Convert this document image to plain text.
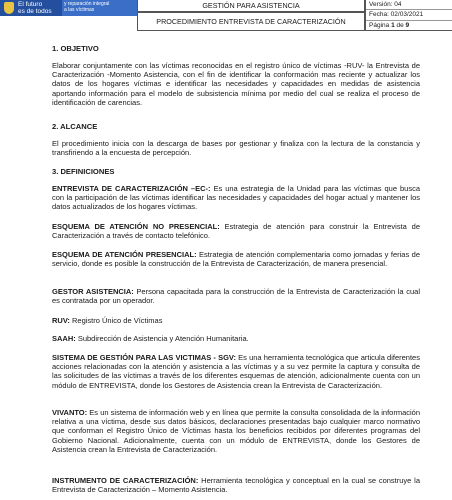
El futuro
es de todos
y reparación integral
a las víctimas	GESTIÓN PARA ASISTENCIA
PROCEDIMIENTO ENTREVISTA DE CARACTERIZACIÓN
Versión: 04
Fecha: 02/03/2021
Página 1 de 9
1. OBJETIVO
Elaborar conjuntamente con las víctimas reconocidas en el registro único de víctimas -RUV- la Entrevista de Caracterización -Momento Asistencia, con el fin de identificar la conformación mas reciente y actualizar los datos de los hogares víctimas e identificar las necesidades y capacidades en medidas de asistencia aportando información para el modelo de subsistencia mínima por medio del cual se realiza el proceso de identificación de carencias.
2. ALCANCE
El procedimiento inicia con la descarga de bases por gestionar y finaliza con la lectura de la constancia y transfiriendo a la encuesta de percepción.
3. DEFINICIONES
ENTREVISTA DE CARACTERIZACIÓN –EC-: Es una estrategia de la Unidad para las víctimas que busca con la participación de las víctimas identificar las necesidades y capacidades del hogar actual y mantener los datos actualizados de los hogares víctimas.
ESQUEMA DE ATENCIÓN NO PRESENCIAL: Estrategia de atención para construir la Entrevista de Caracterización a través de contacto telefónico.
ESQUEMA DE ATENCIÓN PRESENCIAL: Estrategia de atención complementaria como jornadas y ferias de servicio, donde es posible la construcción de la Entrevista de Caracterización, de manera presencial.
GESTOR ASISTENCIA: Persona capacitada para la construcción de la Entrevista de Caracterización la cual es contratada por un operador.
RUV: Registro Único de Víctimas
SAAH: Subdirección de Asistencia y Atención Humanitaria.
SISTEMA DE GESTIÓN PARA LAS VICTIMAS - SGV: Es una herramienta tecnológica que articula diferentes acciones relacionadas con la atención y asistencia a las víctimas y a su vez permite la captura y consulta de las solicitudes de las víctimas a través de los diferentes esquemas de atención, adicionalmente cuenta con un módulo de ENTREVISTA, donde los Gestores de Asistencia crean la Entrevista de Caracterización.
VIVANTO: Es un sistema de información web y en línea que permite la consulta consolidada de la información relativa a una víctima, desde sus datos básicos, declaraciones presentadas bajo cualquier marco normativo que conforman el Registro Único de Víctimas hasta los beneficios recibidos por diferentes programas del Gobierno Nacional. Adicionalmente, cuenta con un módulo de ENTREVISTA, donde los Gestores de Asistencia crean la Entrevista de Caracterización.
INSTRUMENTO DE CARACTERIZACIÓN: Herramienta tecnológica y conceptual en la cual se construye la Entrevista de Caracterización – Momento Asistencia.
